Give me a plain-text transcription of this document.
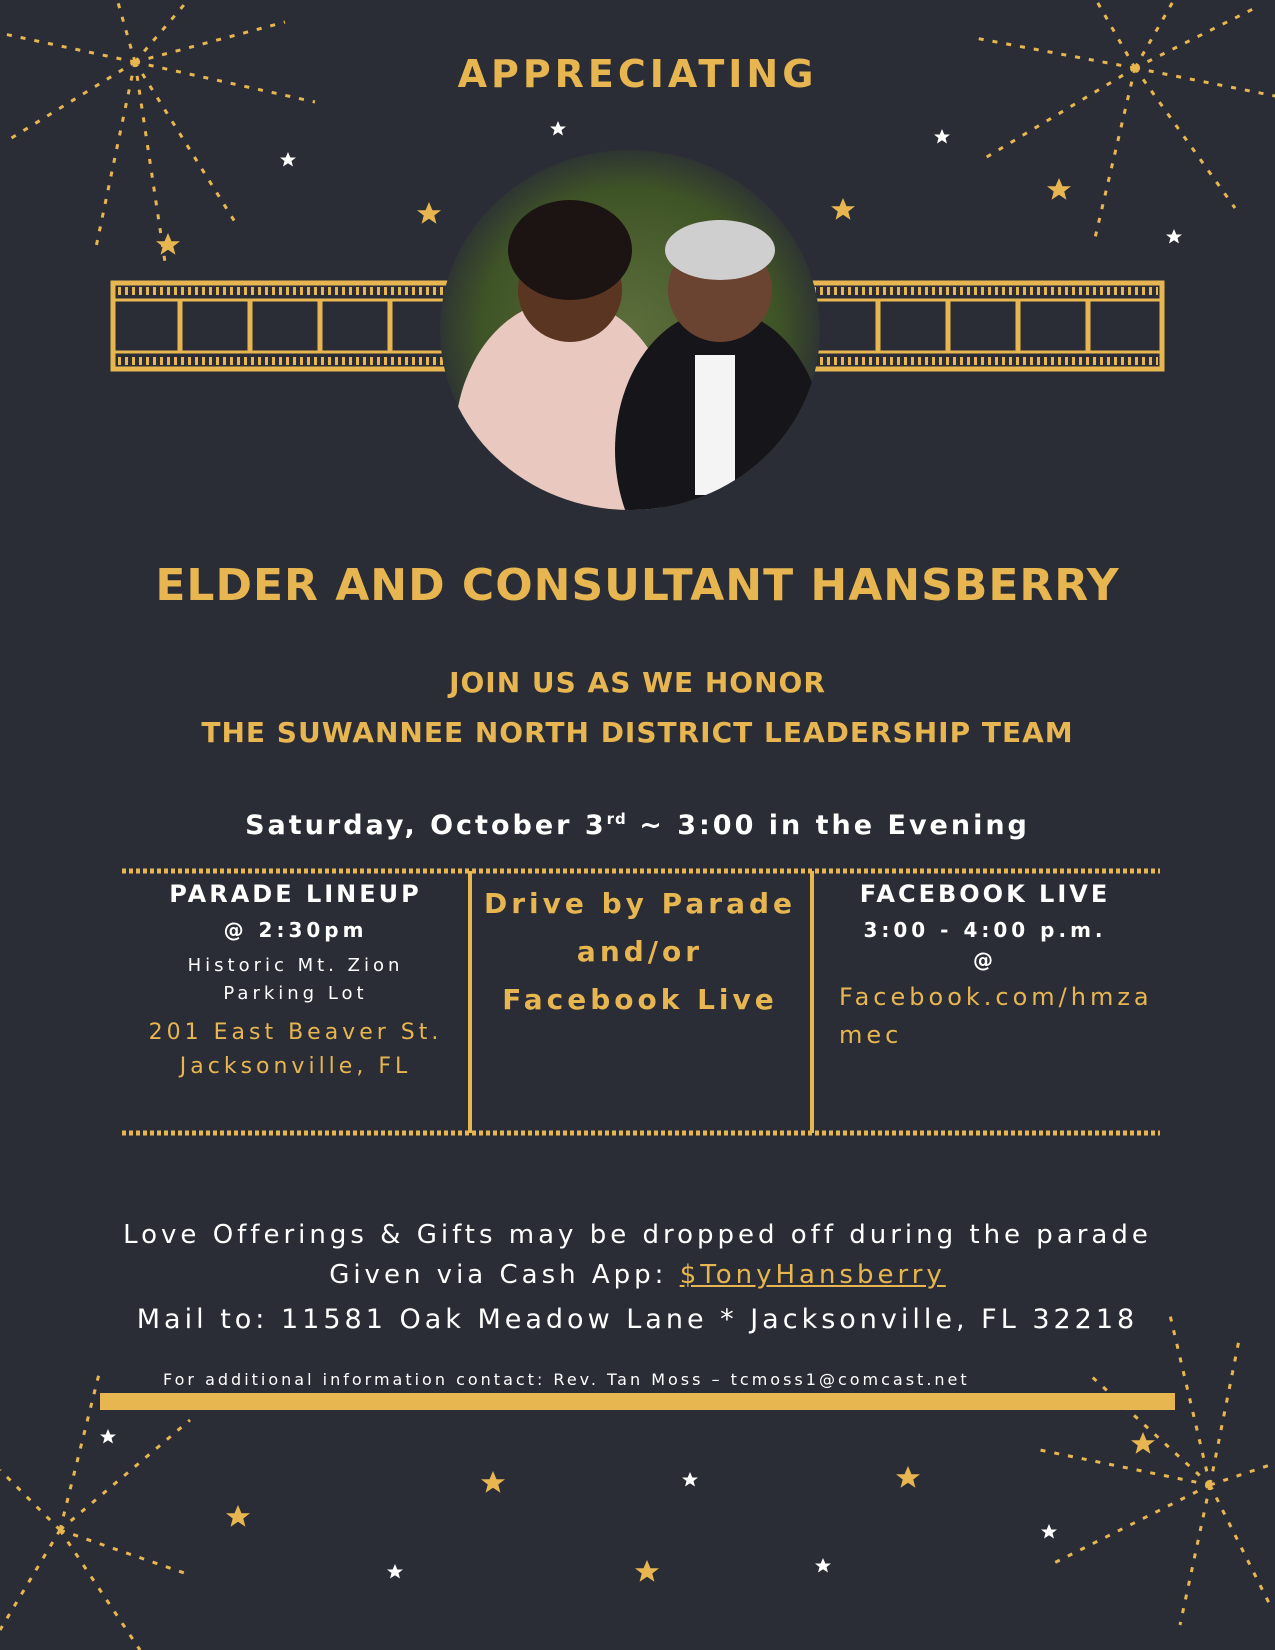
APPRECIATING
ELDER AND CONSULTANT HANSBERRY
JOIN US AS WE HONOR
THE SUWANNEE NORTH DISTRICT LEADERSHIP TEAM
Saturday, October 3rd ~ 3:00 in the Evening
PARADE LINEUP
@ 2:30pm
Historic Mt. Zion
Parking Lot
201 East Beaver St.
Jacksonville, FL
Drive by Parade
and/or
Facebook Live
FACEBOOK LIVE
3:00 - 4:00 p.m.
@
Facebook.com/hmzamec
Love Offerings & Gifts may be dropped off during the parade
Given via Cash App: $TonyHansberry
Mail to: 11581 Oak Meadow Lane * Jacksonville, FL 32218
For additional information contact: Rev. Tan Moss – tcmoss1@comcast.net
